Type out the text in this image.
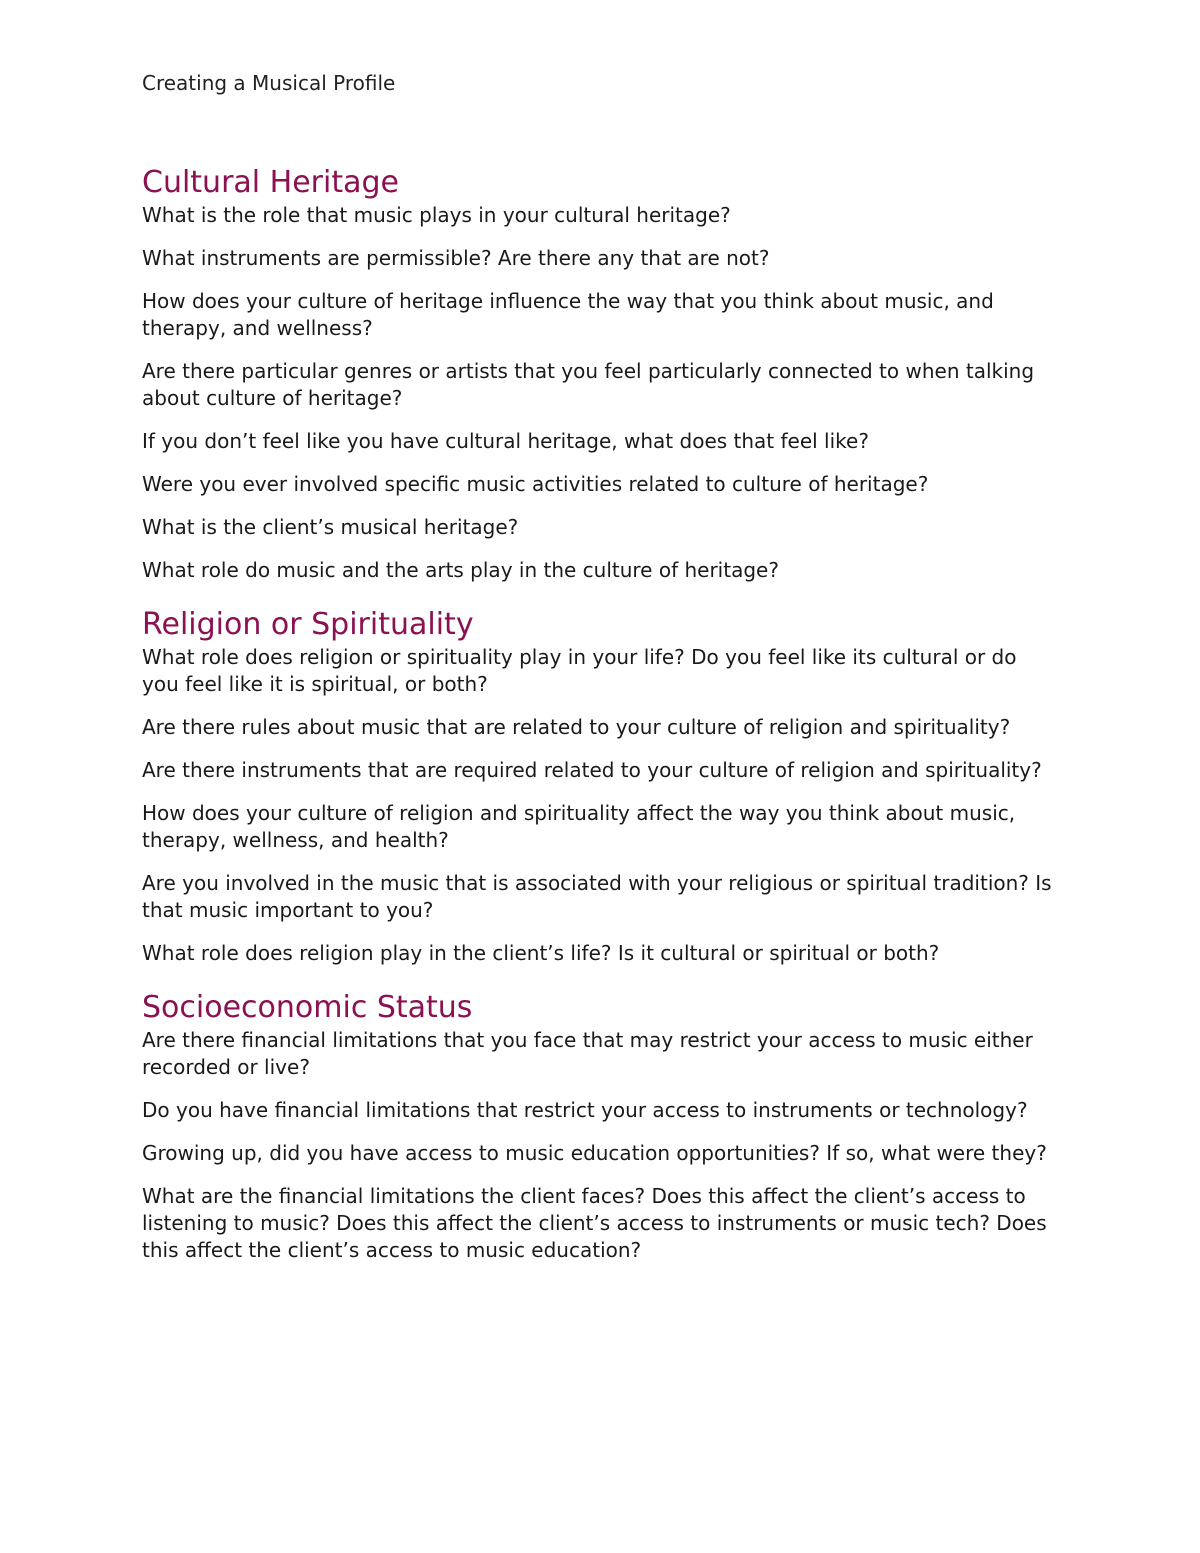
Creating a Musical Profile
Cultural Heritage

What is the role that music plays in your cultural heritage?

What instruments are permissible? Are there any that are not?

How does your culture of heritage influence the way that you think about music, and therapy, and wellness?

Are there particular genres or artists that you feel particularly connected to when talking about culture of heritage?

If you don’t feel like you have cultural heritage, what does that feel like?

Were you ever involved specific music activities related to culture of heritage?

What is the client’s musical heritage?

What role do music and the arts play in the culture of heritage?

Religion or Spirituality

What role does religion or spirituality play in your life? Do you feel like its cultural or do you feel like it is spiritual, or both?

Are there rules about music that are related to your culture of religion and spirituality?

Are there instruments that are required related to your culture of religion and spirituality?

How does your culture of religion and spirituality affect the way you think about music, therapy, wellness, and health?

Are you involved in the music that is associated with your religious or spiritual tradition? Is that music important to you?

What role does religion play in the client’s life? Is it cultural or spiritual or both?

Socioeconomic Status

Are there financial limitations that you face that may restrict your access to music either recorded or live?

Do you have financial limitations that restrict your access to instruments or technology?

Growing up, did you have access to music education opportunities? If so, what were they?

What are the financial limitations the client faces? Does this affect the client’s access to listening to music? Does this affect the client’s access to instruments or music tech? Does this affect the client’s access to music education?
